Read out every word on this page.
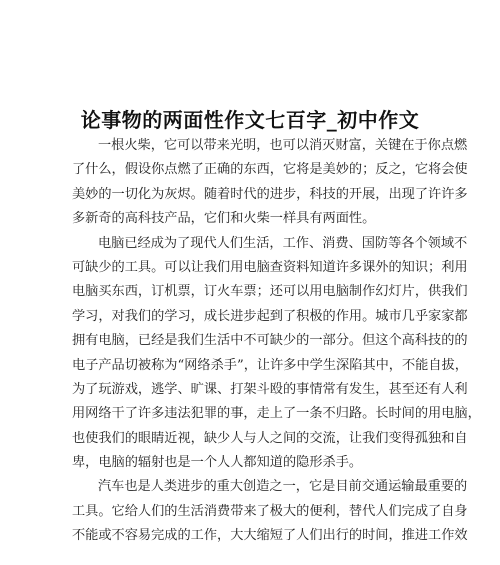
论事物的两面性作文七百字_初中作文

一根火柴，它可以带来光明，也可以消灭财富，关键在于你点燃
了什么，假设你点燃了正确的东西，它将是美妙的；反之，它将会使
美妙的一切化为灰烬。随着时代的进步，科技的开展，出现了许许多
多新奇的高科技产品，它们和火柴一样具有两面性。

电脑已经成为了现代人们生活，工作、消费、国防等各个领域不
可缺少的工具。可以让我们用电脑查资料知道许多课外的知识；利用
电脑买东西，订机票，订火车票；还可以用电脑制作幻灯片，供我们
学习，对我们的学习，成长进步起到了积极的作用。城市几乎家家都
拥有电脑，已经是我们生活中不可缺少的一部分。但这个高科技的的
电子产品切被称为“网络杀手”，让许多中学生深陷其中，不能自拔，
为了玩游戏，逃学、旷课、打架斗殴的事情常有发生，甚至还有人利
用网络干了许多违法犯罪的事，走上了一条不归路。长时间的用电脑，
也使我们的眼睛近视，缺少人与人之间的交流，让我们变得孤独和自
卑，电脑的辐射也是一个人人都知道的隐形杀手。

汽车也是人类进步的重大创造之一，它是目前交通运输最重要的
工具。它给人们的生活消费带来了极大的便利，替代人们完成了自身
不能或不容易完成的工作，大大缩短了人们出行的时间，推进工作效
